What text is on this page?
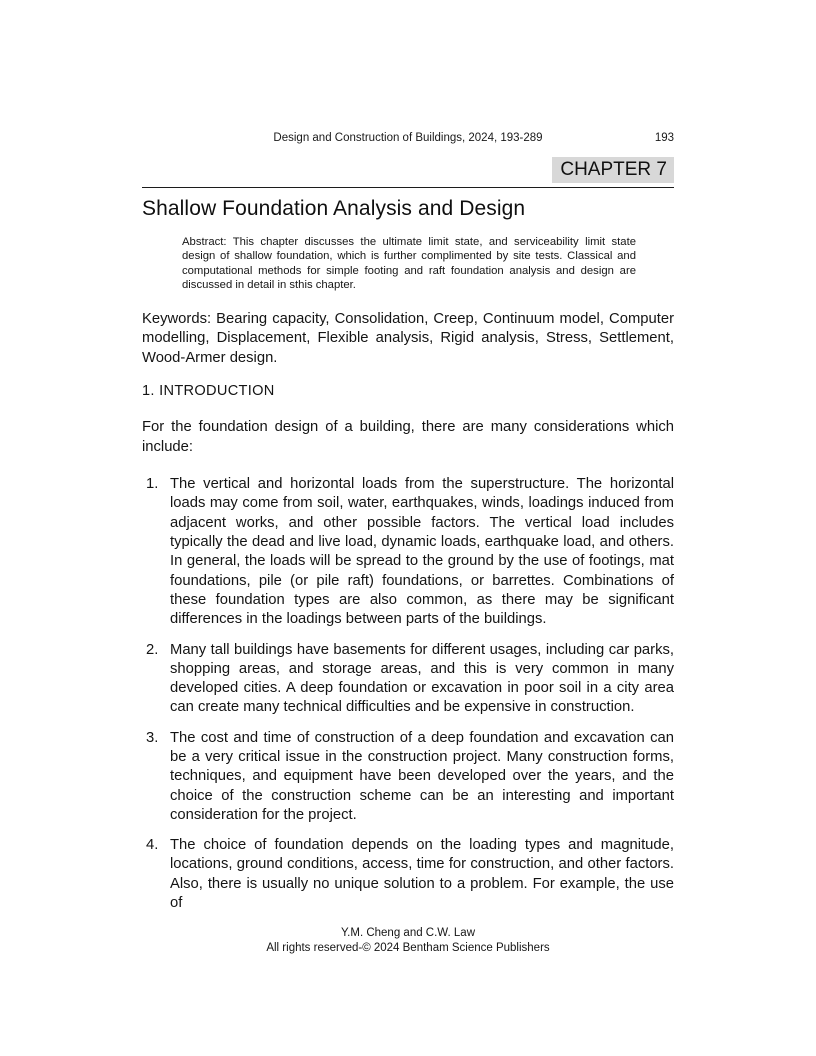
Design and Construction of Buildings, 2024, 193-289	193
CHAPTER 7
Shallow Foundation Analysis and Design

Abstract: This chapter discusses the ultimate limit state, and serviceability limit state design of shallow foundation, which is further complimented by site tests. Classical and computational methods for simple footing and raft foundation analysis and design are discussed in detail in sthis chapter.

Keywords: Bearing capacity, Consolidation, Creep, Continuum model, Computer modelling, Displacement, Flexible analysis, Rigid analysis, Stress, Settlement, Wood-Armer design.

1. INTRODUCTION

For the foundation design of a building, there are many considerations which include:

1. The vertical and horizontal loads from the superstructure. The horizontal loads may come from soil, water, earthquakes, winds, loadings induced from adjacent works, and other possible factors. The vertical load includes typically the dead and live load, dynamic loads, earthquake load, and others. In general, the loads will be spread to the ground by the use of footings, mat foundations, pile (or pile raft) foundations, or barrettes. Combinations of these foundation types are also common, as there may be significant differences in the loadings between parts of the buildings.
2. Many tall buildings have basements for different usages, including car parks, shopping areas, and storage areas, and this is very common in many developed cities. A deep foundation or excavation in poor soil in a city area can create many technical difficulties and be expensive in construction.
3. The cost and time of construction of a deep foundation and excavation can be a very critical issue in the construction project. Many construction forms, techniques, and equipment have been developed over the years, and the choice of the construction scheme can be an interesting and important consideration for the project.
4. The choice of foundation depends on the loading types and magnitude, locations, ground conditions, access, time for construction, and other factors. Also, there is usually no unique solution to a problem. For example, the use of
Y.M. Cheng and C.W. Law
All rights reserved-© 2024 Bentham Science Publishers
